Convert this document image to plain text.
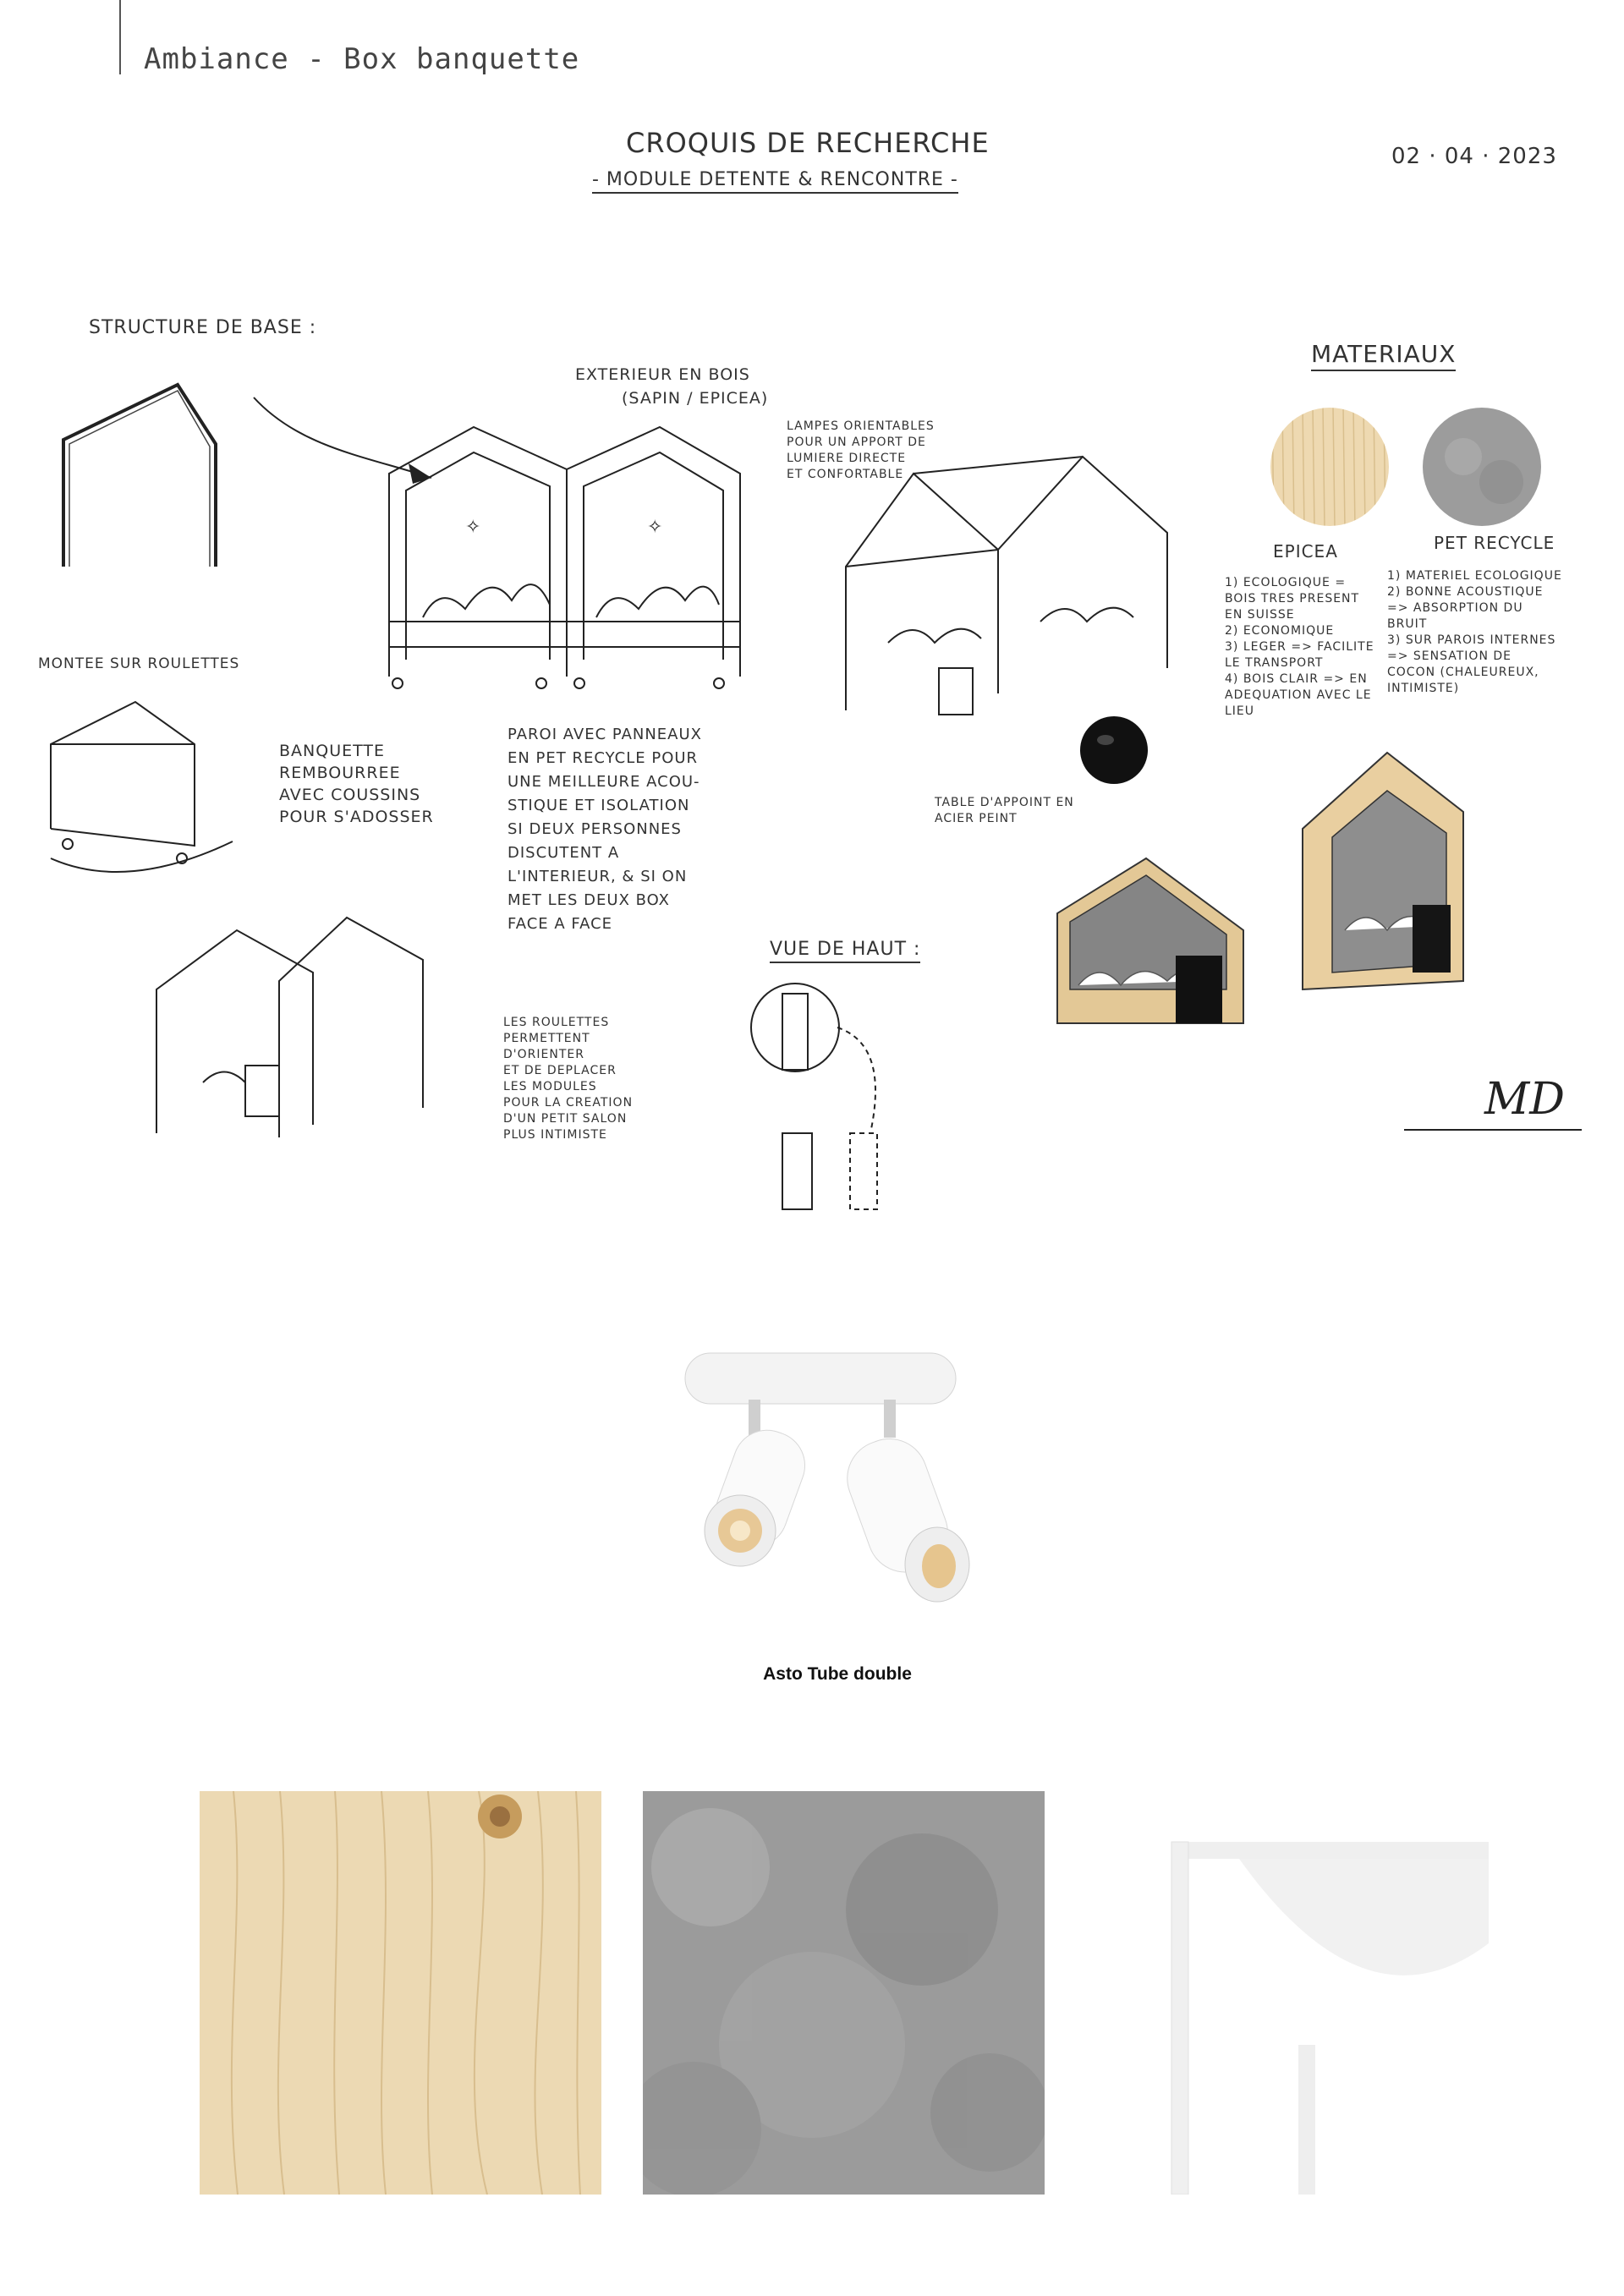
Ambiance - Box banquette
CROQUIS DE RECHERCHE
- MODULE DETENTE & RENCONTRE -
02 · 04 · 2023
STRUCTURE DE BASE :
✧	✧
EXTERIEUR EN BOIS
(SAPIN / EPICEA)
LAMPES ORIENTABLES
POUR UN APPORT DE
LUMIERE DIRECTE
ET CONFORTABLE
TABLE D'APPOINT EN
ACIER PEINT
MATERIAUX
EPICEA	PET RECYCLE
1) ECOLOGIQUE =
BOIS TRES PRESENT
EN SUISSE
2) ECONOMIQUE
3) LEGER => FACILITE
LE TRANSPORT
4) BOIS CLAIR => EN
ADEQUATION AVEC LE
LIEU
1) MATERIEL ECOLOGIQUE
2) BONNE ACOUSTIQUE
=> ABSORPTION DU
BRUIT
3) SUR PAROIS INTERNES
=> SENSATION DE
COCON (CHALEUREUX,
INTIMISTE)
MONTEE SUR ROULETTES
BANQUETTE
REMBOURREE
AVEC COUSSINS
POUR S'ADOSSER
PAROI AVEC PANNEAUX
EN PET RECYCLE POUR
UNE MEILLEURE ACOU-
STIQUE ET ISOLATION
SI DEUX PERSONNES
DISCUTENT A
L'INTERIEUR, & SI ON
MET LES DEUX BOX
FACE A FACE
LES ROULETTES
PERMETTENT
D'ORIENTER
ET DE DEPLACER
LES MODULES
POUR LA CREATION
D'UN PETIT SALON
PLUS INTIMISTE
VUE DE HAUT :
MD
Asto Tube double
